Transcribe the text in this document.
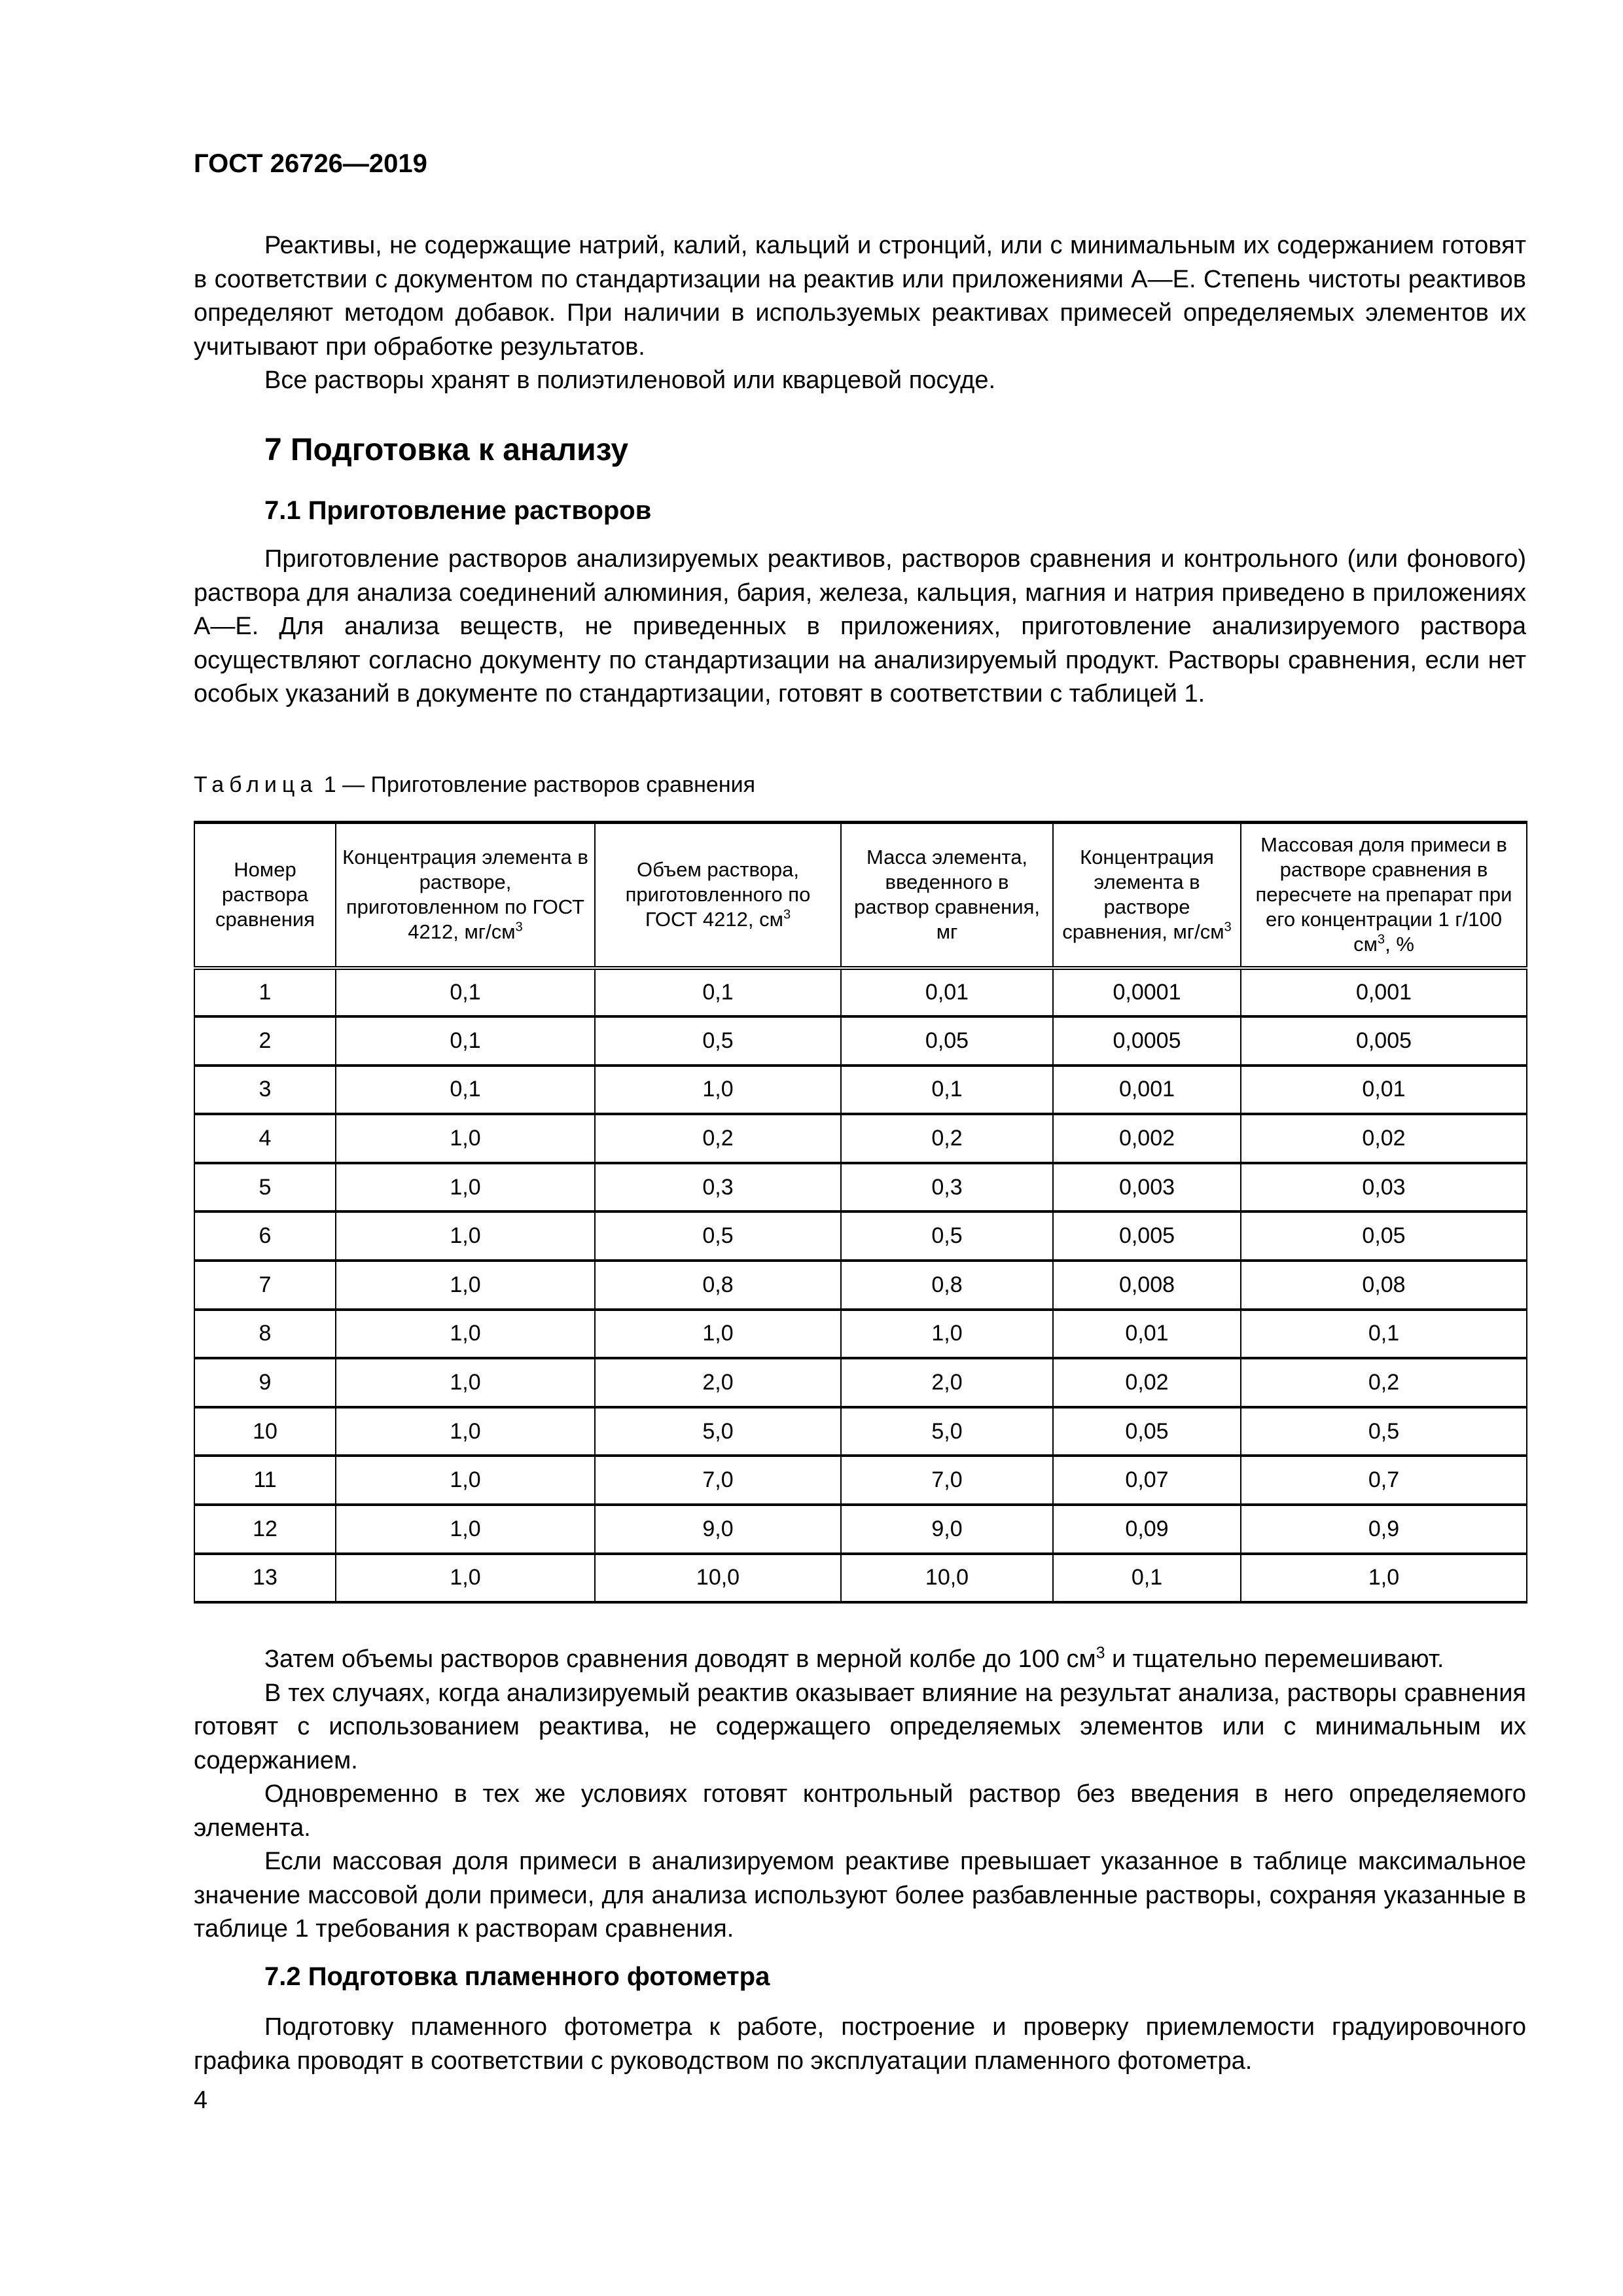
ГОСТ 26726—2019

Реактивы, не содержащие натрий, калий, кальций и стронций, или с минимальным их содержанием готовят в соответствии с документом по стандартизации на реактив или приложениями А—Е. Степень чистоты реактивов определяют методом добавок. При наличии в используемых реактивах примесей определяемых элементов их учитывают при обработке результатов.

Все растворы хранят в полиэтиленовой или кварцевой посуде.

7 Подготовка к анализу
7.1 Приготовление растворов

Приготовление растворов анализируемых реактивов, растворов сравнения и контрольного (или фонового) раствора для анализа соединений алюминия, бария, железа, кальция, магния и натрия приведено в приложениях А—Е. Для анализа веществ, не приведенных в приложениях, приготовление анализируемого раствора осуществляют согласно документу по стандартизации на анализируемый продукт. Растворы сравнения, если нет особых указаний в документе по стандартизации, готовят в соответствии с таблицей 1.

Таблица 1 — Приготовление растворов сравнения
Номер раствора сравнения	Концентрация элемента в растворе, приготовленном по ГОСТ 4212, $мг/см^3$	Объем раствора, приготовленного по ГОСТ 4212, $см^3$	Масса элемента, введенного в раствор сравнения, мг	Концентрация элемента в растворе сравнения, $мг/см^3$	Массовая доля примеси в растворе сравнения в пересчете на препарат при его концентрации 1 г/100 $см^3$, %
1	0,1	0,1	0,01	0,0001	0,001
2	0,1	0,5	0,05	0,0005	0,005
3	0,1	1,0	0,1	0,001	0,01
4	1,0	0,2	0,2	0,002	0,02
5	1,0	0,3	0,3	0,003	0,03
6	1,0	0,5	0,5	0,005	0,05
7	1,0	0,8	0,8	0,008	0,08
8	1,0	1,0	1,0	0,01	0,1
9	1,0	2,0	2,0	0,02	0,2
10	1,0	5,0	5,0	0,05	0,5
11	1,0	7,0	7,0	0,07	0,7
12	1,0	9,0	9,0	0,09	0,9
13	1,0	10,0	10,0	0,1	1,0

Затем объемы растворов сравнения доводят в мерной колбе до 100 $см^3$ и тщательно перемешивают.

В тех случаях, когда анализируемый реактив оказывает влияние на результат анализа, растворы сравнения готовят с использованием реактива, не содержащего определяемых элементов или с минимальным их содержанием.

Одновременно в тех же условиях готовят контрольный раствор без введения в него определяемого элемента.

Если массовая доля примеси в анализируемом реактиве превышает указанное в таблице максимальное значение массовой доли примеси, для анализа используют более разбавленные растворы, сохраняя указанные в таблице 1 требования к растворам сравнения.

7.2 Подготовка пламенного фотометра

Подготовку пламенного фотометра к работе, построение и проверку приемлемости градуировочного графика проводят в соответствии с руководством по эксплуатации пламенного фотометра.

4
